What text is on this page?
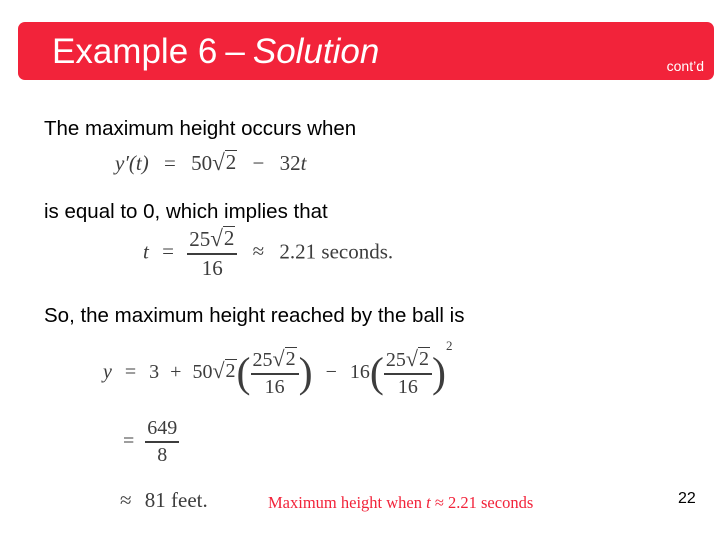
Example 6 – Solution	cont’d
The maximum height occurs when
y′(t) = 50 √ 2 − 32t
is equal to 0, which implies that
$t = \frac{25 √ 2}{16} \approx 2.21$ seconds.
So, the maximum height reached by the ball is
y = 3 + 50 √ 2 ( $\frac{25 √ 2}{16}$ ) − $16( \frac{25 √ 2}{16} )^2$
= $\frac{649}{8}$
≈ 81 feet.	Maximum height when t ≈ 2.21 seconds	22
